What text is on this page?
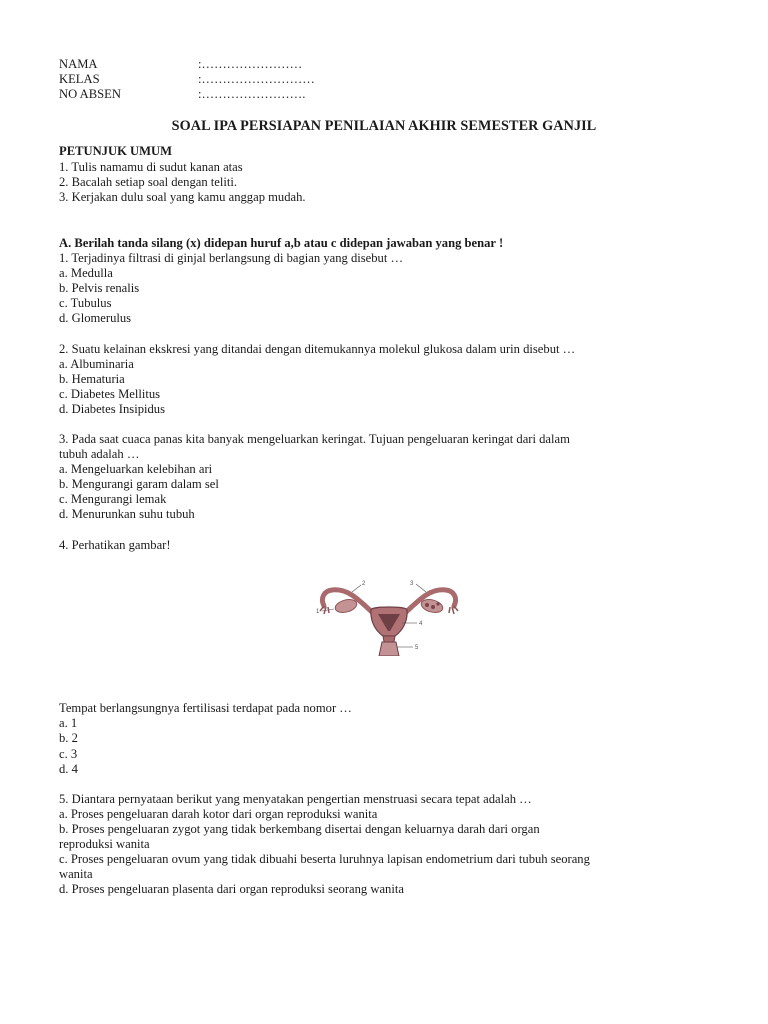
NAMA	:……………………
KELAS	:………………………
NO ABSEN	:…………………….
SOAL IPA PERSIAPAN PENILAIAN AKHIR SEMESTER GANJIL
PETUNJUK UMUM
1. Tulis namamu di sudut kanan atas
2. Bacalah setiap soal dengan teliti.
3. Kerjakan dulu soal yang kamu anggap mudah.
A. Berilah tanda silang (x) didepan huruf a,b atau c didepan jawaban yang benar !
1. Terjadinya filtrasi di ginjal berlangsung di bagian yang disebut …
a. Medulla
b. Pelvis renalis
c. Tubulus
d. Glomerulus
2. Suatu kelainan ekskresi yang ditandai dengan ditemukannya molekul glukosa dalam urin disebut …
a. Albuminaria
b. Hematuria
c. Diabetes Mellitus
d. Diabetes Insipidus
3. Pada saat cuaca panas kita banyak mengeluarkan keringat. Tujuan pengeluaran keringat dari dalam
tubuh adalah …
a. Mengeluarkan kelebihan ari
b. Mengurangi garam dalam sel
c. Mengurangi lemak
d. Menurunkan suhu tubuh
4. Perhatikan gambar!
1
2	3
4
5
Tempat berlangsungnya fertilisasi terdapat pada nomor …
a. 1
b. 2
c. 3
d. 4
5. Diantara pernyataan berikut yang menyatakan pengertian menstruasi secara tepat adalah …
a. Proses pengeluaran darah kotor dari organ reproduksi wanita
b. Proses pengeluaran zygot yang tidak berkembang disertai dengan keluarnya darah dari organ
reproduksi wanita
c. Proses pengeluaran ovum yang tidak dibuahi beserta luruhnya lapisan endometrium dari tubuh seorang
wanita
d. Proses pengeluaran plasenta dari organ reproduksi seorang wanita
